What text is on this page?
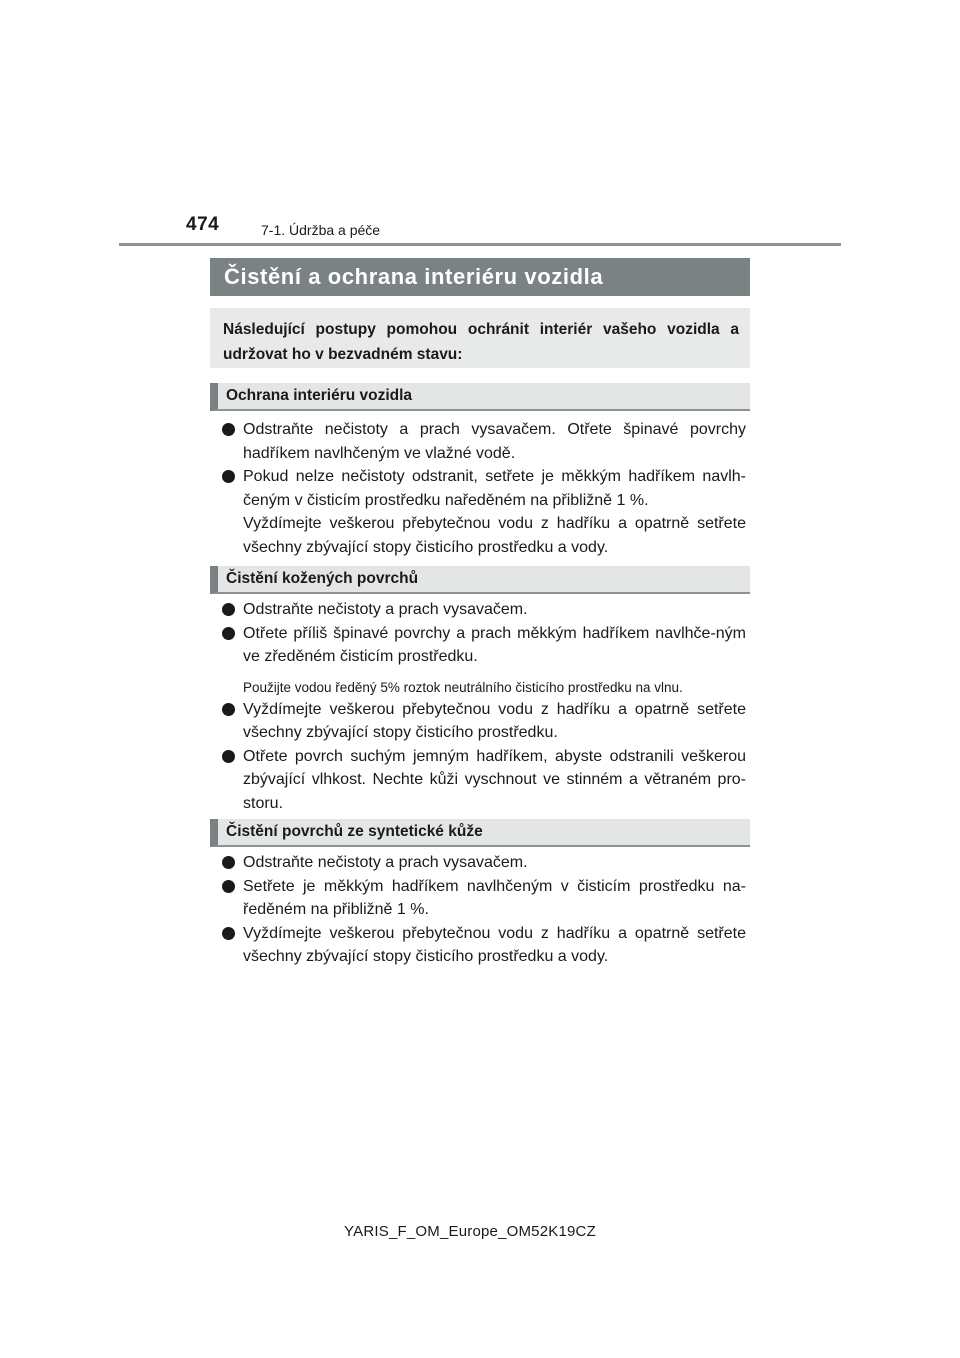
474	7-1. Údržba a péče
Čistění a ochrana interiéru vozidla
Následující postupy pomohou ochránit interiér vašeho vozidla a udržovat ho v bezvadném stavu:
Ochrana interiéru vozidla
Odstraňte nečistoty a prach vysavačem. Otřete špinavé povrchy hadříkem navlhčeným ve vlažné vodě.
Pokud nelze nečistoty odstranit, setřete je měkkým hadříkem navlh-čeným v čisticím prostředku naředěném na přibližně 1 %.
Vyždímejte veškerou přebytečnou vodu z hadříku a opatrně setřete všechny zbývající stopy čisticího prostředku a vody.
Čistění kožených povrchů
Odstraňte nečistoty a prach vysavačem.
Otřete příliš špinavé povrchy a prach měkkým hadříkem navlhče-ným ve zředěném čisticím prostředku.
Použijte vodou ředěný 5% roztok neutrálního čisticího prostředku na vlnu.
Vyždímejte veškerou přebytečnou vodu z hadříku a opatrně setřete všechny zbývající stopy čisticího prostředku.
Otřete povrch suchým jemným hadříkem, abyste odstranili veškerou zbývající vlhkost. Nechte kůži vyschnout ve stinném a větraném pro-storu.
Čistění povrchů ze syntetické kůže
Odstraňte nečistoty a prach vysavačem.
Setřete je měkkým hadříkem navlhčeným v čisticím prostředku na-ředěném na přibližně 1 %.
Vyždímejte veškerou přebytečnou vodu z hadříku a opatrně setřete všechny zbývající stopy čisticího prostředku a vody.
YARIS_F_OM_Europe_OM52K19CZ
